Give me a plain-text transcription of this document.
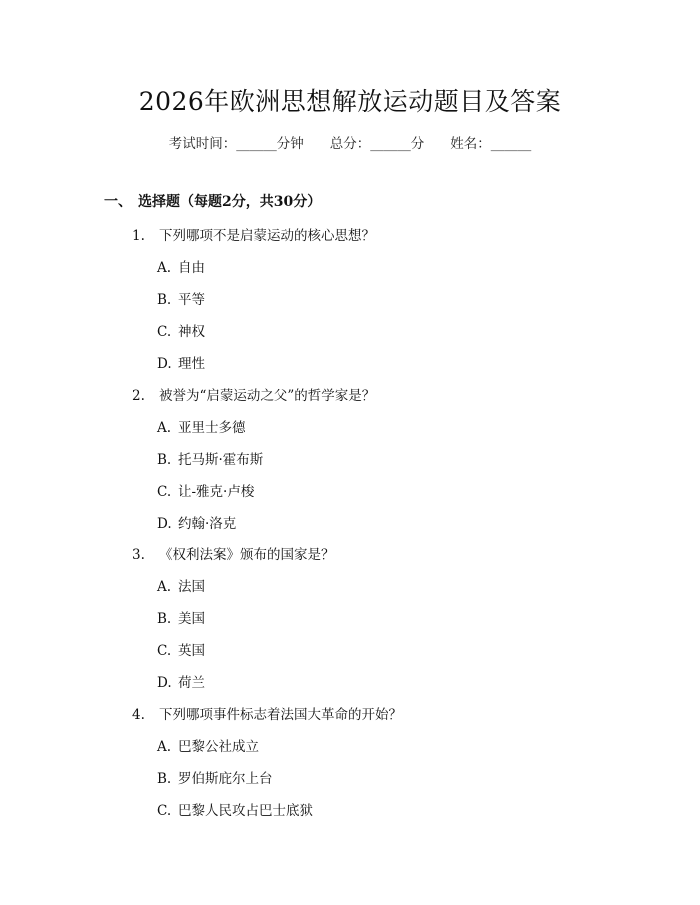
2026年欧洲思想解放运动题目及答案
考试时间：______分钟 总分：______分 姓名：______
一、 选择题（每题2分，共30分）
1. 下列哪项不是启蒙运动的核心思想？
A. 自由
B. 平等
C. 神权
D. 理性
2. 被誉为“启蒙运动之父”的哲学家是？
A. 亚里士多德
B. 托马斯·霍布斯
C. 让-雅克·卢梭
D. 约翰·洛克
3. 《权利法案》颁布的国家是？
A. 法国
B. 美国
C. 英国
D. 荷兰
4. 下列哪项事件标志着法国大革命的开始？
A. 巴黎公社成立
B. 罗伯斯庇尔上台
C. 巴黎人民攻占巴士底狱
